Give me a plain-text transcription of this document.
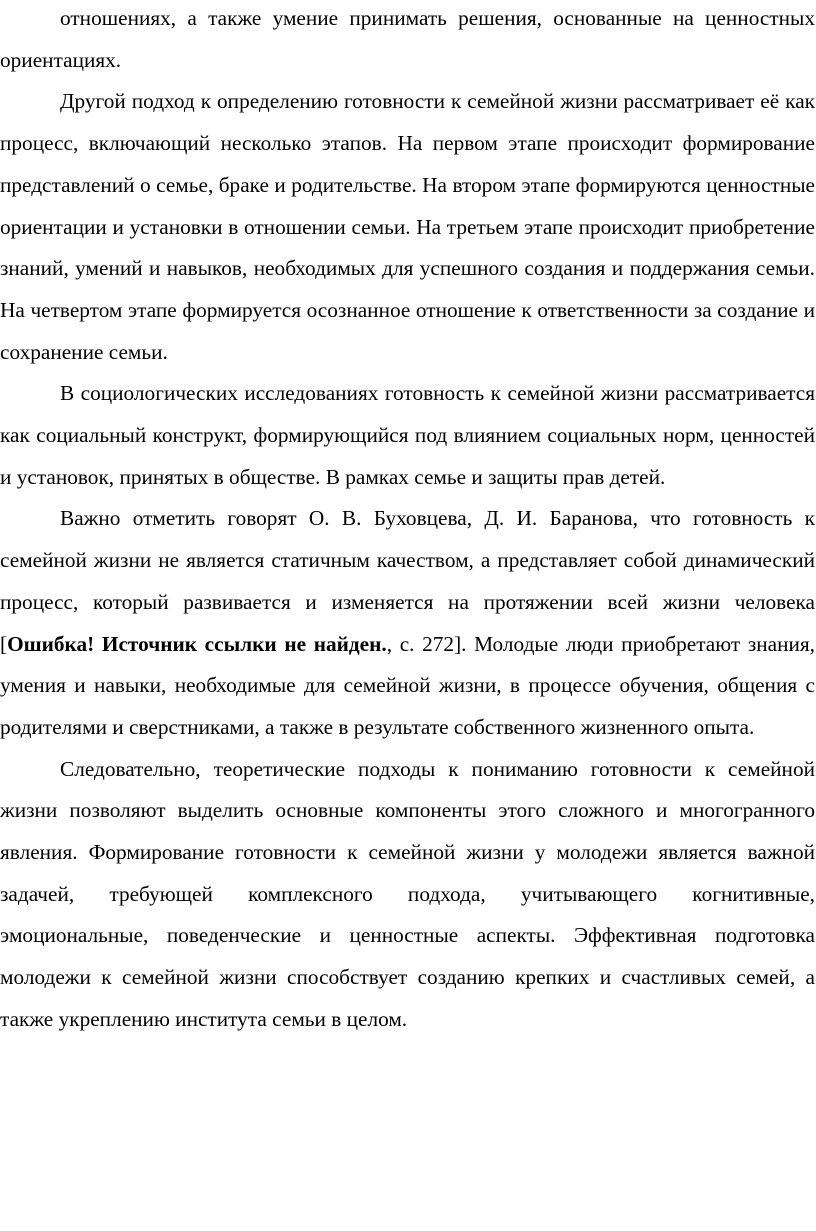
отношениях, а также умение принимать решения, основанные на ценностных ориентациях.

Другой подход к определению готовности к семейной жизни рассматривает её как процесс, включающий несколько этапов. На первом этапе происходит формирование представлений о семье, браке и родительстве. На втором этапе формируются ценностные ориентации и установки в отношении семьи. На третьем этапе происходит приобретение знаний, умений и навыков, необходимых для успешного создания и поддержания семьи. На четвертом этапе формируется осознанное отношение к ответственности за создание и сохранение семьи.

В социологических исследованиях готовность к семейной жизни рассматривается как социальный конструкт, формирующийся под влиянием социальных норм, ценностей и установок, принятых в обществе. В рамках семье и защиты прав детей.

Важно отметить говорят О. В. Буховцева, Д. И. Баранова, что готовность к семейной жизни не является статичным качеством, а представляет собой динамический процесс, который развивается и изменяется на протяжении всей жизни человека [Ошибка! Источник ссылки не найден., с. 272]. Молодые люди приобретают знания, умения и навыки, необходимые для семейной жизни, в процессе обучения, общения с родителями и сверстниками, а также в результате собственного жизненного опыта.

Следовательно, теоретические подходы к пониманию готовности к семейной жизни позволяют выделить основные компоненты этого сложного и многогранного явления. Формирование готовности к семейной жизни у молодежи является важной задачей, требующей комплексного подхода, учитывающего когнитивные, эмоциональные, поведенческие и ценностные аспекты. Эффективная подготовка молодежи к семейной жизни способствует созданию крепких и счастливых семей, а также укреплению института семьи в целом.
